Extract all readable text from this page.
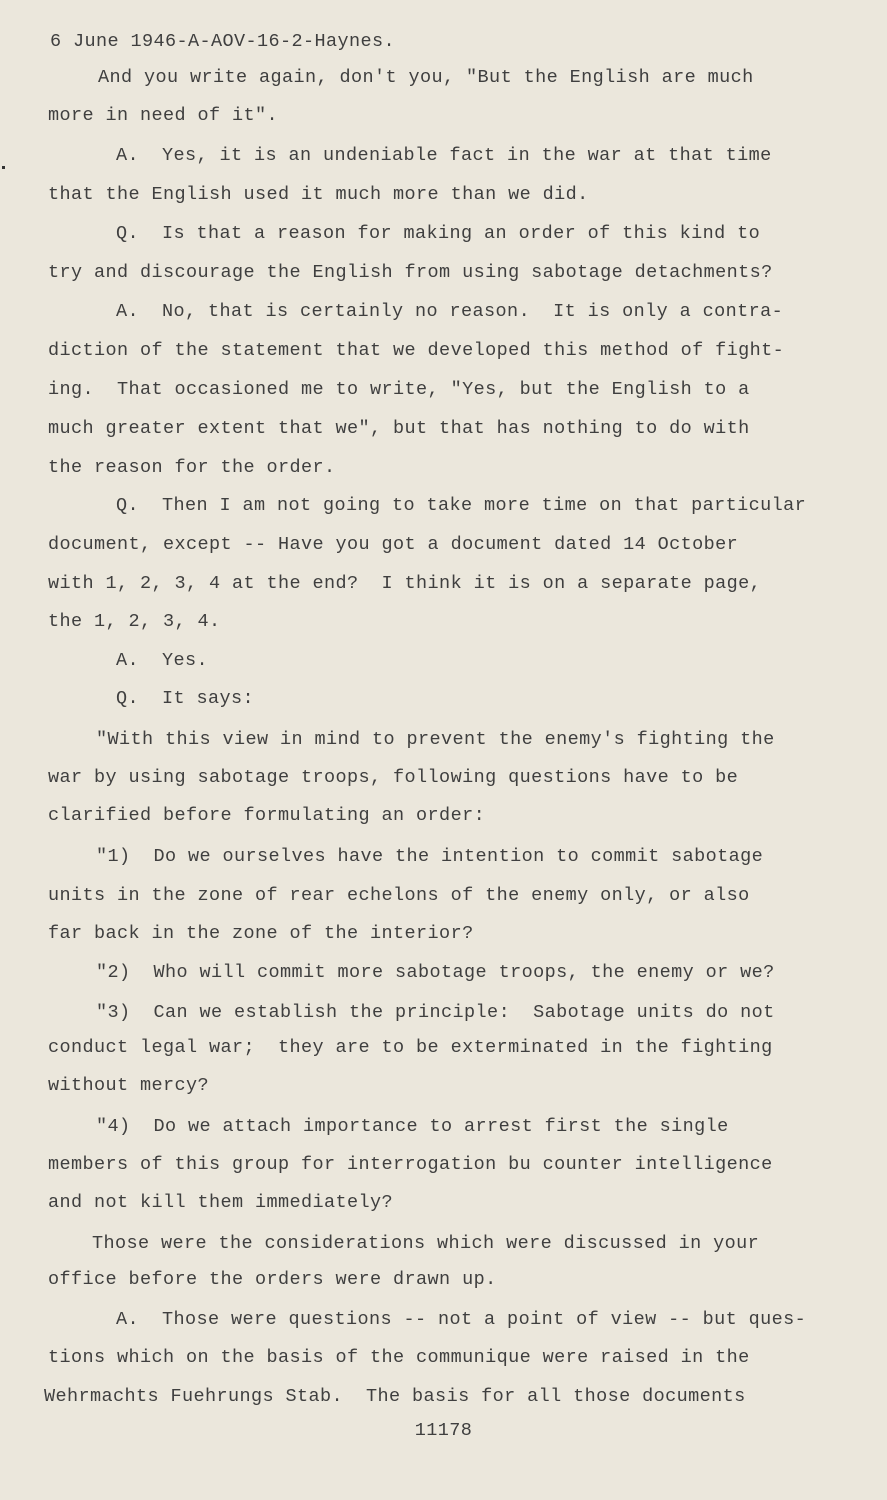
6 June 1946-A-AOV-16-2-Haynes.
And you write again, don't you, "But the English are much
more in need of it".
A.  Yes, it is an undeniable fact in the war at that time
that the English used it much more than we did.
Q.  Is that a reason for making an order of this kind to
try and discourage the English from using sabotage detachments?
A.  No, that is certainly no reason.  It is only a contra-
diction of the statement that we developed this method of fight-
ing.  That occasioned me to write, "Yes, but the English to a
much greater extent that we", but that has nothing to do with
the reason for the order.
Q.  Then I am not going to take more time on that particular
document, except -- Have you got a document dated 14 October
with 1, 2, 3, 4 at the end?  I think it is on a separate page,
the 1, 2, 3, 4.
A.  Yes.
Q.  It says:
"With this view in mind to prevent the enemy's fighting the
war by using sabotage troops, following questions have to be
clarified before formulating an order:
"1)  Do we ourselves have the intention to commit sabotage
units in the zone of rear echelons of the enemy only, or also
far back in the zone of the interior?
"2)  Who will commit more sabotage troops, the enemy or we?
"3)  Can we establish the principle:  Sabotage units do not
conduct legal war;  they are to be exterminated in the fighting
without mercy?
"4)  Do we attach importance to arrest first the single
members of this group for interrogation bu counter intelligence
and not kill them immediately?
Those were the considerations which were discussed in your
office before the orders were drawn up.
A.  Those were questions -- not a point of view -- but ques-
tions which on the basis of the communique were raised in the
Wehrmachts Fuehrungs Stab.  The basis for all those documents
11178
